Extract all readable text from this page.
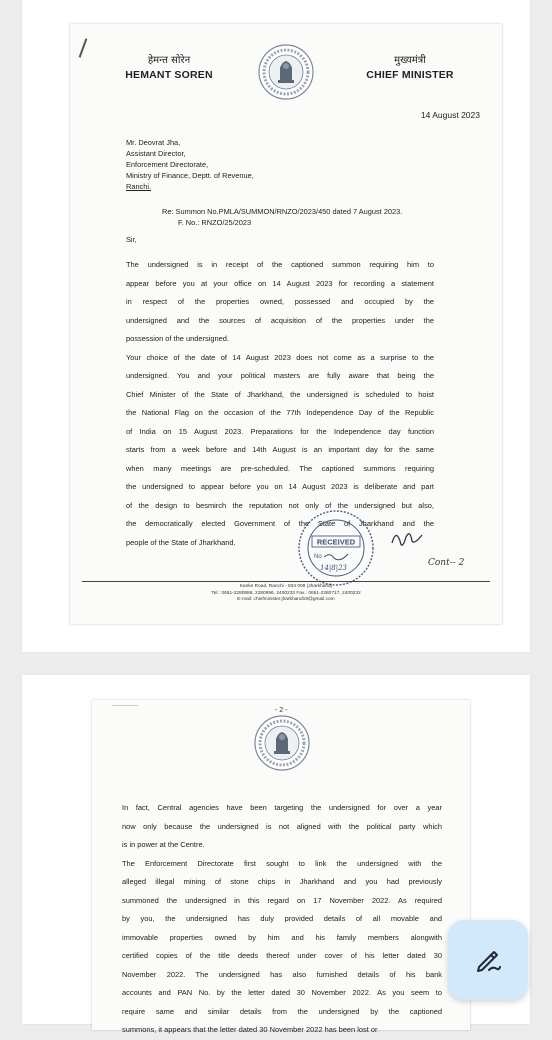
हेमन्त सोरेन
HEMANT SOREN
मुख्यमंत्री
CHIEF MINISTER
14 August 2023
Mr. Deovrat Jha,
Assistant Director,
Enforcement Directorate,
Ministry of Finance, Deptt. of Revenue,
Ranchi.
Re: Summon No.PMLA/SUMMON/RNZO/2023/450 dated 7 August 2023.
F. No.: RNZO/25/2023
Sir,
The undersigned is in receipt of the captioned summon requiring him to
appear before you at your office on 14 August 2023 for recording a statement
in respect of the properties owned, possessed and occupied by the
undersigned and the sources of acquisition of the properties under the
possession of the undersigned.
Your choice of the date of 14 August 2023 does not come as a surprise to the
undersigned. You and your political masters are fully aware that being the
Chief Minister of the State of Jharkhand, the undersigned is scheduled to hoist
the National Flag on the occasion of the 77th Independence Day of the Republic
of India on 15 August 2023. Preparations for the Independence day function
starts from a week before and 14th August is an important day for the same
when many meetings are pre-scheduled. The captioned summons requiring
the undersigned to appear before you on 14 August 2023 is deliberate and part
of the design to besmirch the reputation not only of the undersigned but also,
the democratically elected Government of the State of Jharkhand and the
people of the State of Jharkhand.	RECEIVED
No
14|8|23	Cont-- 2
Kanke Road, Ranchi - 834 008 (Jharkhand)
Tel.: 0651-2280886, 2280996, 2400233 Fax.: 0651-2280717, 2400232
E-mail: chiefminister.jharkhand19@gmail.com
- 2 -
In fact, Central agencies have been targeting the undersigned for over a year
now only because the undersigned is not aligned with the political party which
is in power at the Centre.
The Enforcement Directorate first sought to link the undersigned with the
alleged illegal mining of stone chips in Jharkhand and you had previously
summoned the undersigned in this regard on 17 November 2022. As required
by you, the undersigned has duly provided details of all movable and
immovable properties owned by him and his family members alongwith
certified copies of the title deeds thereof under cover of his letter dated 30
November 2022. The undersigned has also furnished details of his bank
accounts and PAN No. by the letter dated 30 November 2022. As you seem to
require same and similar details from the undersigned by the captioned
summons, it appears that the letter dated 30 November 2022 has been lost or
